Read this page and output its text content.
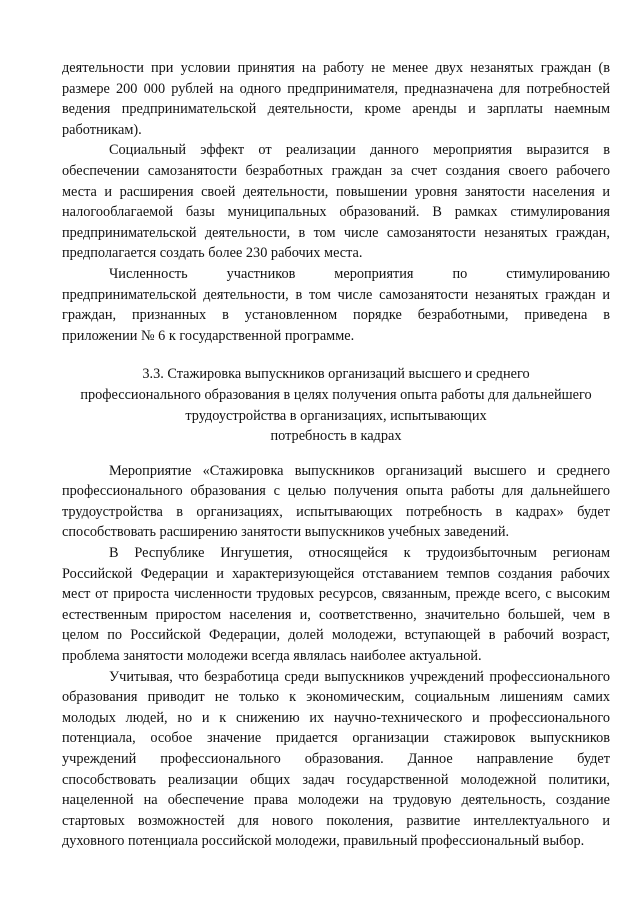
деятельности при условии принятия на работу не менее двух незанятых граждан (в
размере 200 000 рублей на одного предпринимателя, предназначена для потребностей
ведения предпринимательской деятельности, кроме аренды и зарплаты наемным
работникам).
Социальный эффект от реализации данного мероприятия выразится в
обеспечении самозанятости безработных граждан за счет создания своего рабочего
места и расширения своей деятельности, повышении уровня занятости населения и
налогооблагаемой базы муниципальных образований. В рамках стимулирования
предпринимательской деятельности, в том числе самозанятости незанятых граждан,
предполагается создать более 230 рабочих места.
Численность участников мероприятия по стимулированию
предпринимательской деятельности, в том числе самозанятости незанятых граждан и
граждан, признанных в установленном порядке безработными, приведена в
приложении № 6 к государственной программе.
3.3. Стажировка выпускников организаций высшего и среднего
профессионального образования в целях получения опыта работы для дальнейшего
трудоустройства в организациях, испытывающих
потребность в кадрах
Мероприятие «Стажировка выпускников организаций высшего и среднего
профессионального образования с целью получения опыта работы для дальнейшего
трудоустройства в организациях, испытывающих потребность в кадрах» будет
способствовать расширению занятости выпускников учебных заведений.
В Республике Ингушетия, относящейся к трудоизбыточным регионам
Российской Федерации и характеризующейся отставанием темпов создания рабочих
мест от прироста численности трудовых ресурсов, связанным, прежде всего, с высоким
естественным приростом населения и, соответственно, значительно большей, чем в
целом по Российской Федерации, долей молодежи, вступающей в рабочий возраст,
проблема занятости молодежи всегда являлась наиболее актуальной.
Учитывая, что безработица среди выпускников учреждений профессионального
образования приводит не только к экономическим, социальным лишениям самих
молодых людей, но и к снижению их научно-технического и профессионального
потенциала, особое значение придается организации стажировок выпускников
учреждений профессионального образования. Данное направление будет
способствовать реализации общих задач государственной молодежной политики,
нацеленной на обеспечение права молодежи на трудовую деятельность, создание
стартовых возможностей для нового поколения, развитие интеллектуального и
духовного потенциала российской молодежи, правильный профессиональный выбор.
